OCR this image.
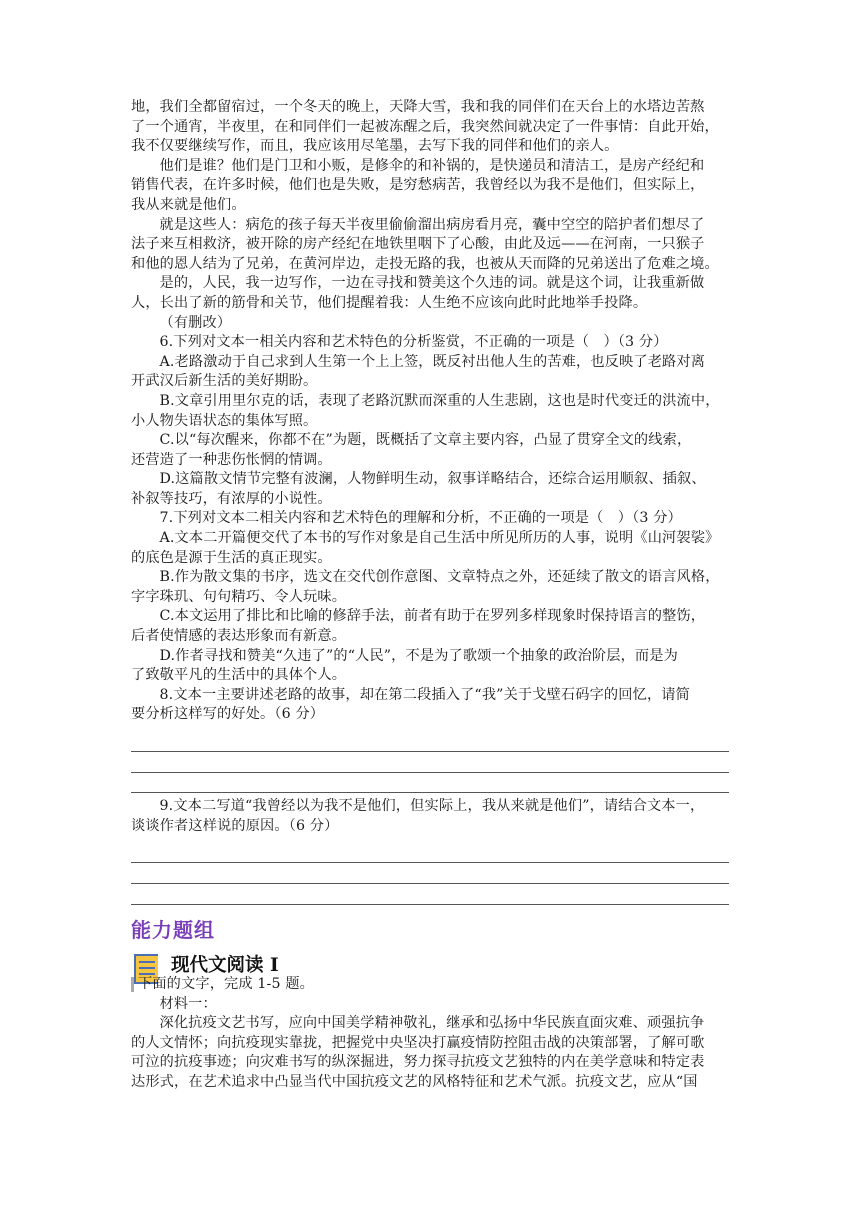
地，我们全都留宿过，一个冬天的晚上，天降大雪，我和我的同伴们在天台上的水塔边苦熬
了一个通宵，半夜里，在和同伴们一起被冻醒之后，我突然间就决定了一件事情：自此开始，
我不仅要继续写作，而且，我应该用尽笔墨，去写下我的同伴和他们的亲人。
他们是谁？他们是门卫和小贩，是修伞的和补锅的，是快递员和清洁工，是房产经纪和
销售代表，在许多时候，他们也是失败，是穷愁病苦，我曾经以为我不是他们，但实际上，
我从来就是他们。
就是这些人：病危的孩子每天半夜里偷偷溜出病房看月亮，囊中空空的陪护者们想尽了
法子来互相救济，被开除的房产经纪在地铁里咽下了心酸，由此及远——在河南，一只猴子
和他的恩人结为了兄弟，在黄河岸边，走投无路的我，也被从天而降的兄弟送出了危难之境。
是的，人民，我一边写作，一边在寻找和赞美这个久违的词。就是这个词，让我重新做
人，长出了新的筋骨和关节，他们提醒着我：人生绝不应该向此时此地举手投降。
（有删改）
6.下列对文本一相关内容和艺术特色的分析鉴赏，不正确的一项是（　）（3 分）
A.老路激动于自己求到人生第一个上上签，既反衬出他人生的苦难，也反映了老路对离
开武汉后新生活的美好期盼。
B.文章引用里尔克的话，表现了老路沉默而深重的人生悲剧，这也是时代变迁的洪流中，
小人物失语状态的集体写照。
C.以“每次醒来，你都不在”为题，既概括了文章主要内容，凸显了贯穿全文的线索，
还营造了一种悲伤怅惘的情调。
D.这篇散文情节完整有波澜，人物鲜明生动，叙事详略结合，还综合运用顺叙、插叙、
补叙等技巧，有浓厚的小说性。
7.下列对文本二相关内容和艺术特色的理解和分析，不正确的一项是（　）（3 分）
A.文本二开篇便交代了本书的写作对象是自己生活中所见所历的人事，说明《山河袈裟》
的底色是源于生活的真正现实。
B.作为散文集的书序，选文在交代创作意图、文章特点之外，还延续了散文的语言风格，
字字珠玑、句句精巧、令人玩味。
C.本文运用了排比和比喻的修辞手法，前者有助于在罗列多样现象时保持语言的整饬，
后者使情感的表达形象而有新意。
D.作者寻找和赞美“久违了”的“人民”，不是为了歌颂一个抽象的政治阶层，而是为
了致敬平凡的生活中的具体个人。
8.文本一主要讲述老路的故事，却在第二段插入了“我”关于戈壁石码字的回忆，请简
要分析这样写的好处。（6 分）
9.文本二写道“我曾经以为我不是他们，但实际上，我从来就是他们”，请结合文本一，
谈谈作者这样说的原因。（6 分）
能力题组
现代文阅读 I
下面的文字，完成 1-5 题。
材料一：
深化抗疫文艺书写，应向中国美学精神敬礼，继承和弘扬中华民族直面灾难、顽强抗争
的人文情怀；向抗疫现实靠拢，把握党中央坚决打赢疫情防控阻击战的决策部署，了解可歌
可泣的抗疫事迹；向灾难书写的纵深掘进，努力探寻抗疫文艺独特的内在美学意味和特定表
达形式，在艺术追求中凸显当代中国抗疫文艺的风格特征和艺术气派。抗疫文艺，应从“国
